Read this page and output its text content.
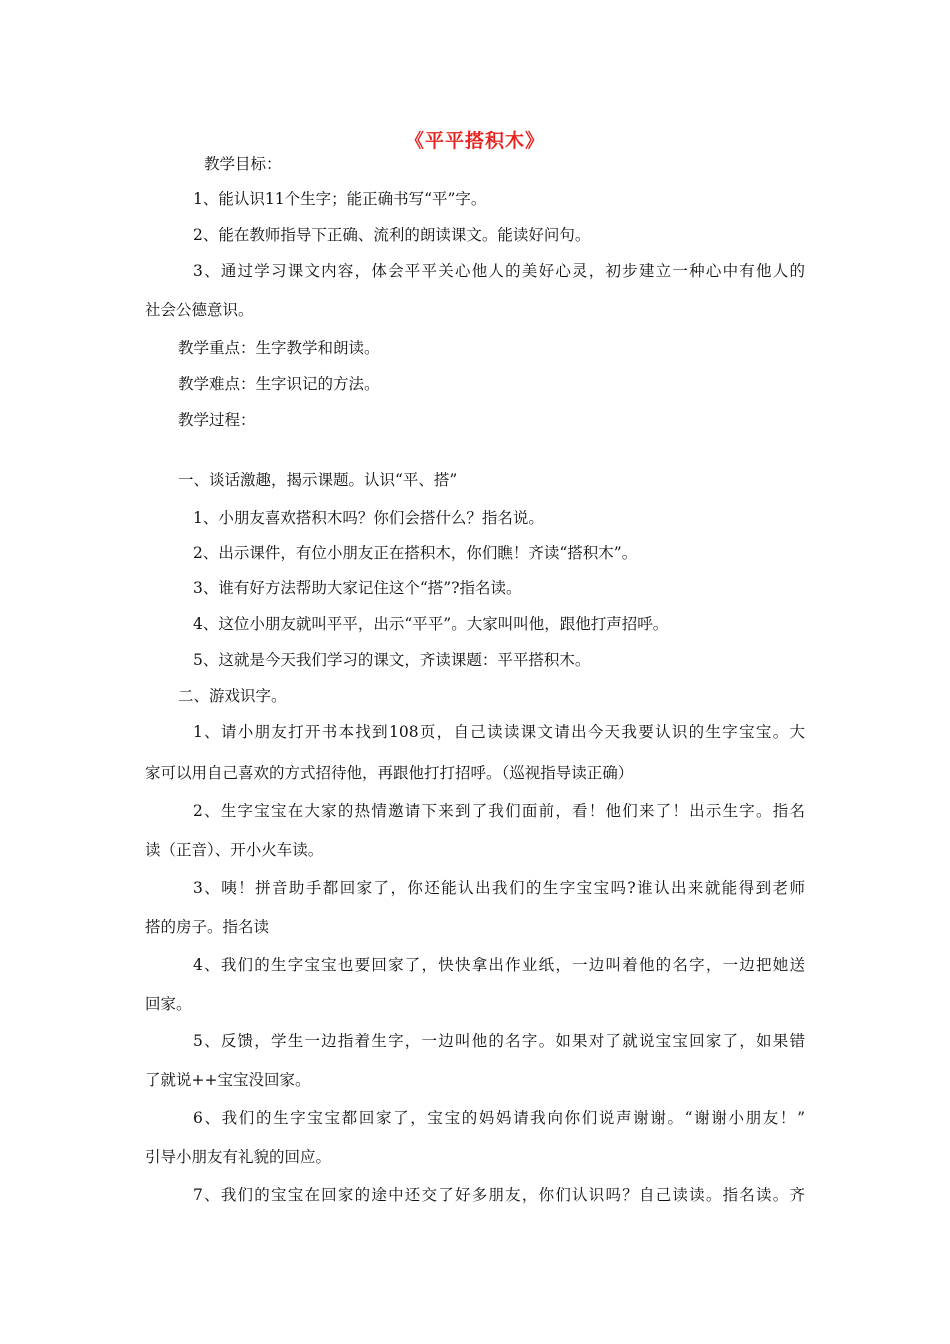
《平平搭积木》
教学目标：
1、能认识11个生字；能正确书写“平”字。
2、能在教师指导下正确、流利的朗读课文。能读好问句。
3、通过学习课文内容，体会平平关心他人的美好心灵，初步建立一种心中有他人的
社会公德意识。
教学重点：生字教学和朗读。
教学难点：生字识记的方法。
教学过程：
一、谈话激趣，揭示课题。认识“平、搭”
1、小朋友喜欢搭积木吗？你们会搭什么？指名说。
2、出示课件，有位小朋友正在搭积木，你们瞧！齐读“搭积木”。
3、谁有好方法帮助大家记住这个“搭”?指名读。
4、这位小朋友就叫平平，出示“平平”。大家叫叫他，跟他打声招呼。
5、这就是今天我们学习的课文，齐读课题：平平搭积木。
二、游戏识字。
1、请小朋友打开书本找到108页，自己读读课文请出今天我要认识的生字宝宝。大
家可以用自己喜欢的方式招待他，再跟他打打招呼。（巡视指导读正确）
2、生字宝宝在大家的热情邀请下来到了我们面前，看！他们来了！出示生字。指名
读（正音）、开小火车读。
3、咦！拼音助手都回家了，你还能认出我们的生字宝宝吗?谁认出来就能得到老师
搭的房子。指名读
4、我们的生字宝宝也要回家了，快快拿出作业纸，一边叫着他的名字，一边把她送
回家。
5、反馈，学生一边指着生字，一边叫他的名字。如果对了就说宝宝回家了，如果错
了就说++宝宝没回家。
6、我们的生字宝宝都回家了，宝宝的妈妈请我向你们说声谢谢。“谢谢小朋友！”
引导小朋友有礼貌的回应。
7、我们的宝宝在回家的途中还交了好多朋友，你们认识吗？自己读读。指名读。齐
